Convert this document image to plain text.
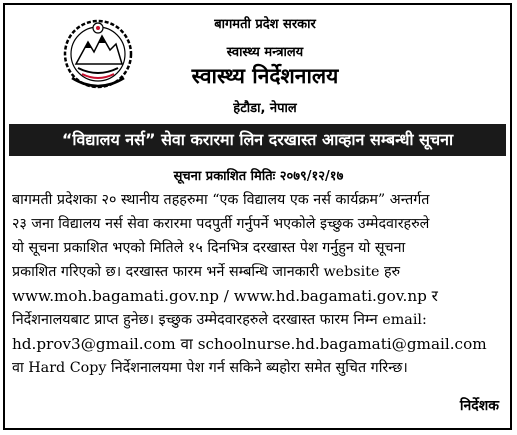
बागमती प्रदेश सरकार
स्वास्थ्य मन्त्रालय
स्वास्थ्य निर्देशनालय
हेटौडा, नेपाल
“विद्यालय नर्स” सेवा करारमा लिन दरखास्त आव्हान सम्बन्धी सूचना
सूचना प्रकाशित मितिः २०७९/१२/१७
बागमती प्रदेशका २० स्थानीय तहहरुमा “एक विद्यालय एक नर्स कार्यक्रम” अन्तर्गत
२३ जना विद्यालय नर्स सेवा करारमा पदपुर्ती गर्नुपर्ने भएकोले इच्छुक उम्मेदवारहरुले
यो सूचना प्रकाशित भएको मितिले १५ दिनभित्र दरखास्त पेश गर्नुहुन यो सूचना
प्रकाशित गरिएको छ। दरखास्त फारम भर्ने सम्बन्धि जानकारी website हरु
www.moh.bagamati.gov.np / www.hd.bagamati.gov.np र
निर्देशनालयबाट प्राप्त हुनेछ। इच्छुक उम्मेदवारहरुले दरखास्त फारम निम्न email:
hd.prov3@gmail.com वा schoolnurse.hd.bagamati@gmail.com
वा Hard Copy निर्देशनालयमा पेश गर्न सकिने ब्यहोरा समेत सुचित गरिन्छ।
निर्देशक
